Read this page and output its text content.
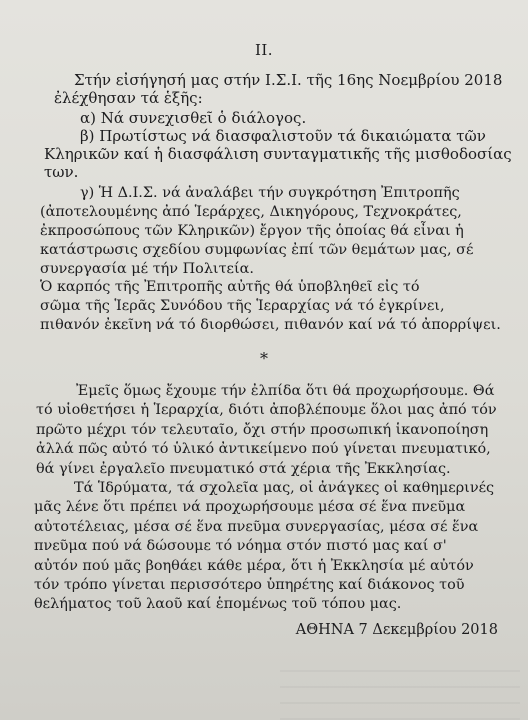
ΙΙ.
Στήν εἰσήγησή μας στήν Ι.Σ.Ι. τῆς 16ης Νοεμβρίου 2018
ἐλέχθησαν τά ἑξῆς:
α) Νά συνεχισθεῖ ὁ διάλογος.
β) Πρωτίστως νά διασφαλιστοῦν τά δικαιώματα τῶν
Κληρικῶν καί ἡ διασφάλιση συνταγματικῆς τῆς μισθοδοσίας
των.
γ) Ἡ Δ.Ι.Σ. νά ἀναλάβει τήν συγκρότηση Ἐπιτροπῆς
(ἀποτελουμένης ἀπό Ἱεράρχες, Δικηγόρους, Τεχνοκράτες,
ἐκπροσώπους τῶν Κληρικῶν) ἔργον τῆς ὁποίας θά εἶναι ἡ
κατάστρωσις σχεδίου συμφωνίας ἐπί τῶν θεμάτων μας, σέ
συνεργασία μέ τήν Πολιτεία.
Ὁ καρπός τῆς Ἐπιτροπῆς αὐτῆς θά ὑποβληθεῖ εἰς τό
σῶμα τῆς Ἱερᾶς Συνόδου τῆς Ἱεραρχίας νά τό ἐγκρίνει,
πιθανόν ἐκεῖνη νά τό διορθώσει, πιθανόν καί νά τό ἀπορρίψει.
*
Ἐμεῖς ὅμως ἔχουμε τήν ἐλπίδα ὅτι θά προχωρήσουμε. Θά
τό υἱοθετήσει ἡ Ἱεραρχία, διότι ἀποβλέπουμε ὅλοι μας ἀπό τόν
πρῶτο μέχρι τόν τελευταῖο, ὄχι στήν προσωπική ἱκανοποίηση
ἀλλά πῶς αὐτό τό ὑλικό ἀντικείμενο πού γίνεται πνευματικό,
θά γίνει ἐργαλεῖο πνευματικό στά χέρια τῆς Ἐκκλησίας.
Τά Ἱδρύματα, τά σχολεῖα μας, οἱ ἀνάγκες οἱ καθημερινές
μᾶς λένε ὅτι πρέπει νά προχωρήσουμε μέσα σέ ἕνα πνεῦμα
αὐτοτέλειας, μέσα σέ ἕνα πνεῦμα συνεργασίας, μέσα σέ ἕνα
πνεῦμα πού νά δώσουμε τό νόημα στόν πιστό μας καί σ'
αὐτόν πού μᾶς βοηθάει κάθε μέρα, ὅτι ἡ Ἐκκλησία μέ αὐτόν
τόν τρόπο γίνεται περισσότερο ὑπηρέτης καί διάκονος τοῦ
θελήματος τοῦ λαοῦ καί ἑπομένως τοῦ τόπου μας.
ΑΘΗΝΑ 7 Δεκεμβρίου 2018
